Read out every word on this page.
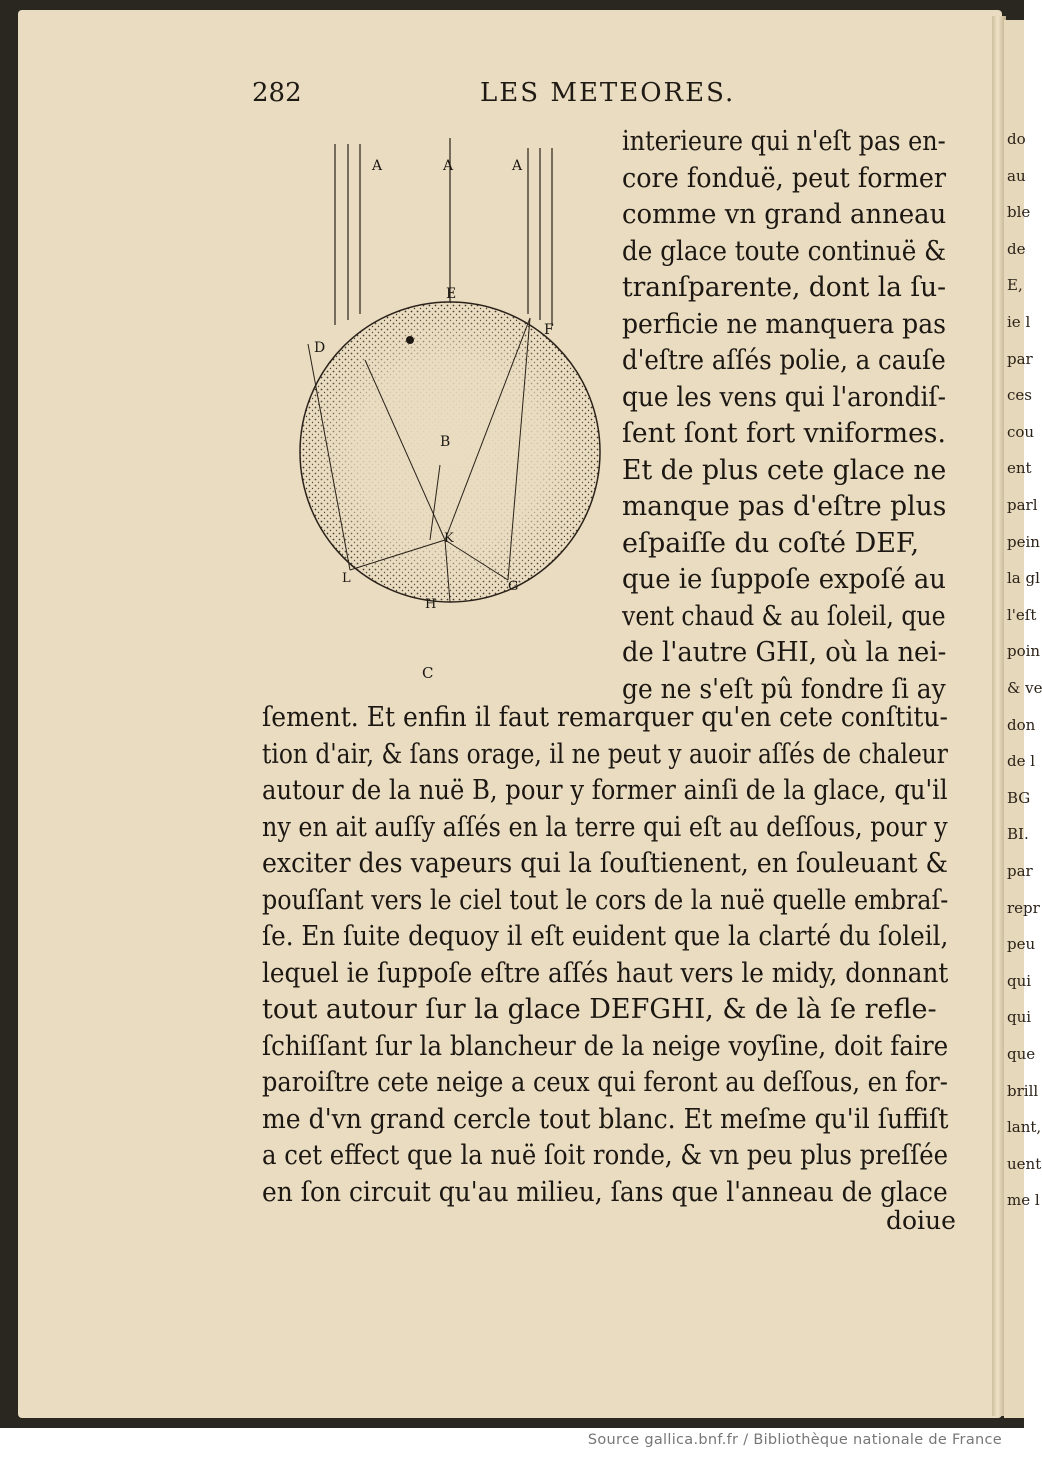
do
au
ble
de
E,
ie l
par
ces
cou
ent
parl
pein
la gl
l'eſt
poin
& ve
don
de l
BG
BI.
par
repr
peu
qui
qui
que
brill
lant,
uent
me l
282	LES METEORES.
A	A	A
E
D
F
B
K
L
G
H
C
interieure qui n'eſt pas en-
core fonduë, peut former
comme vn grand anneau
de glace toute continuë &
tranſparente, dont la ſu-
perficie ne manquera pas
d'eſtre aſſés polie, a cauſe
que les vens qui l'arondiſ-
ſent ſont fort vniformes.
Et de plus cete glace ne
manque pas d'eſtre plus
eſpaiſſe du coſté DEF,
que ie ſuppoſe expoſé au
vent chaud & au ſoleil, que
de l'autre GHI, où la nei-
ge ne s'eſt pû fondre ſi ay
ſement. Et enfin il faut remarquer qu'en cete conſtitu-
tion d'air, & ſans orage, il ne peut y auoir aſſés de chaleur
autour de la nuë B, pour y former ainſi de la glace, qu'il
ny en ait auſſy aſſés en la terre qui eſt au deſſous, pour y
exciter des vapeurs qui la ſouſtienent, en ſouleuant &
pouſſant vers le ciel tout le cors de la nuë quelle embraſ-
ſe. En ſuite dequoy il eſt euident que la clarté du ſoleil,
lequel ie ſuppoſe eſtre aſſés haut vers le midy, donnant
tout autour ſur la glace DEFGHI, & de là ſe refle-
ſchiſſant ſur la blancheur de la neige voyſine, doit faire
paroiſtre cete neige a ceux qui feront au deſſous, en for-
me d'vn grand cercle tout blanc. Et meſme qu'il ſuffiſt
a cet effect que la nuë ſoit ronde, & vn peu plus preſſée
en ſon circuit qu'au milieu, ſans que l'anneau de glace
doiue
Source gallica.bnf.fr / Bibliothèque nationale de France
